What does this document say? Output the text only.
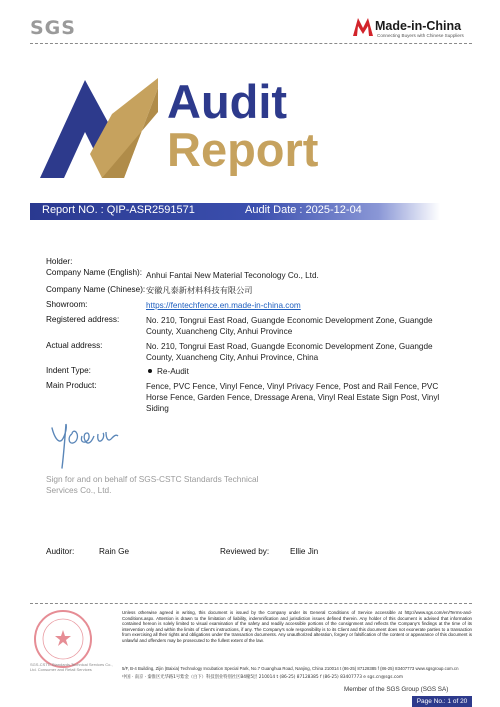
SGS	Made-in-China
Connecting Buyers with Chinese Suppliers
Audit
Report
Report NO. : QIP-ASR2591571	Audit Date : 2025-12-04
Holder:
Company Name (English): Anhui Fantai New Material Teconology Co., Ltd.
Company Name (Chinese): 安徽凡泰新材料科技有限公司
Showroom:	https://fentechfence.en.made-in-china.com
Registered address:	No. 210, Tongrui East Road, Guangde Economic Development Zone, Guangde County, Xuancheng City, Anhui Province
Actual address:	No. 210, Tongrui East Road, Guangde Economic Development Zone, Guangde County, Xuancheng City, Anhui Province, China
Indent Type:	Re-Audit
Main Product:	Fence, PVC Fence, Vinyl Fence, Vinyl Privacy Fence, Post and Rail Fence, PVC Horse Fence, Garden Fence, Dressage Arena, Vinyl Real Estate Sign Post, Vinyl Siding
Sign for and on behalf of SGS-CSTC Standards Technical Services Co., Ltd.
Auditor:	Rain Ge	Reviewed by:	Ellie Jin
SGS-CSTC Standards Technical Services Co., Ltd. Consumer and Retail Services
Unless otherwise agreed in writing, this document is issued by the Company under its General Conditions of Service accessible at http://www.sgs.com/en/Terms-and-Conditions.aspx. Attention is drawn to the limitation of liability, indemnification and jurisdiction issues defined therein. Any holder of this document is advised that information contained hereon is solely limited to visual examination of the safety and readily accessible portions of the consignment and reflects the Company's findings at the time of its intervention only and within the limits of Client's instructions, if any. The Company's sole responsibility is to its Client and this document does not exonerate parties to a transaction from exercising all their rights and obligations under the transaction documents. Any unauthorized alteration, forgery or falsification of the content or appearance of this document is unlawful and offenders may be prosecuted to the fullest extent of the law.
5/F, B-4 Building, Zijin (Baixia) Technology Incubation Special Park, No.7 Guanghua Road, Nanjing, China 210014 t (86-25) 87128385 f (86-25) 83407773 www.sgsgroup.com.cn
中国 · 南京 · 秦淮区光华路1号紫金（白下）科技创业特别社区B4幢5层 210014 t (86-25) 87128385 f (86-25) 83407773 e sgs.cn@sgs.com
Member of the SGS Group (SGS SA)
Page No.: 1 of 20
